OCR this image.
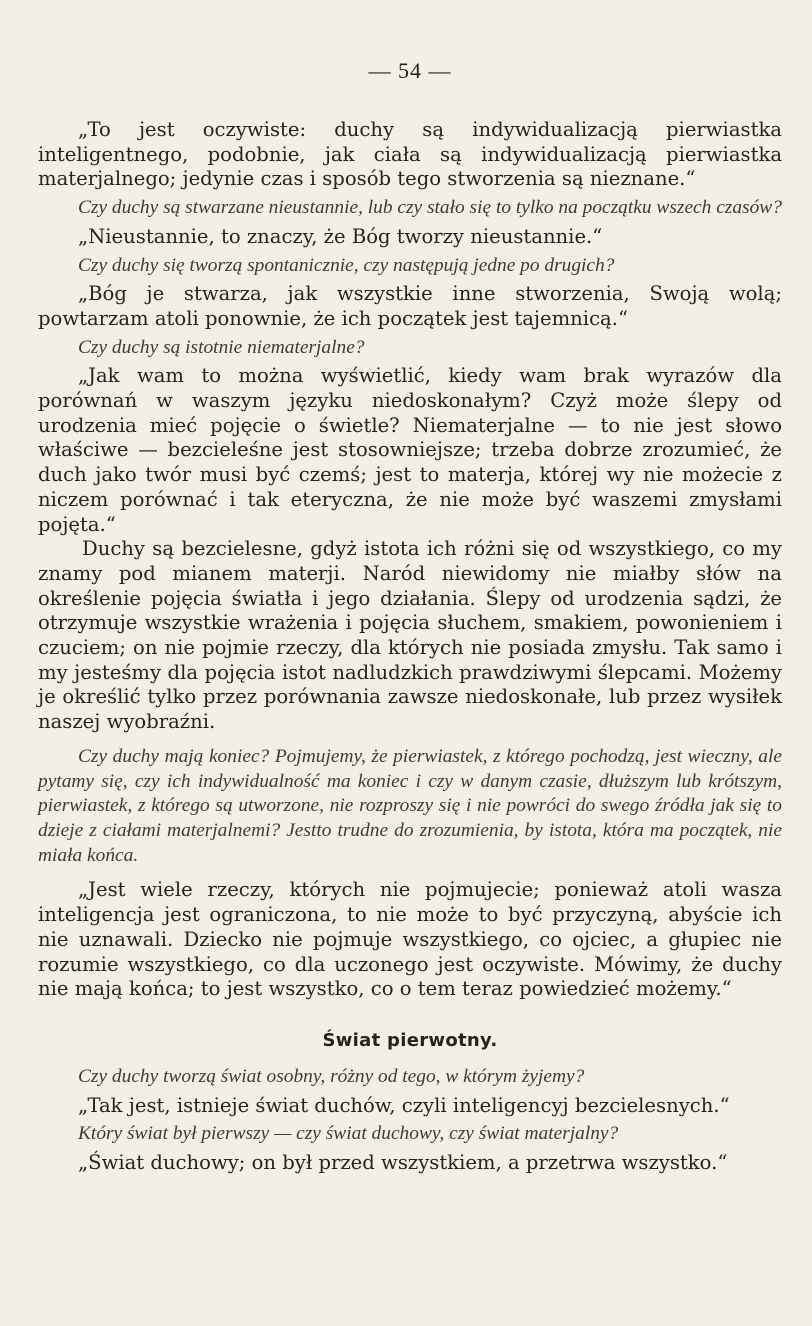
— 54 —

„To jest oczywiste: duchy są indywidualizacją pierwiastka inteligentnego, podobnie, jak ciała są indywidualizacją pierwiastka materjalnego; jedynie czas i sposób tego stworzenia są nieznane.“

Czy duchy są stwarzane nieustannie, lub czy stało się to tylko na początku wszech czasów?

„Nieustannie, to znaczy, że Bóg tworzy nieustannie.“

Czy duchy się tworzą spontanicznie, czy następują jedne po drugich?

„Bóg je stwarza, jak wszystkie inne stworzenia, Swoją wolą; powtarzam atoli ponownie, że ich początek jest tajemnicą.“

Czy duchy są istotnie niematerjalne?

„Jak wam to można wyświetlić, kiedy wam brak wyrazów dla porównań w waszym języku niedoskonałym? Czyż może ślepy od urodzenia mieć pojęcie o świetle? Niematerjalne — to nie jest słowo właściwe — bezcieleśne jest stosowniejsze; trzeba dobrze zrozumieć, że duch jako twór musi być czemś; jest to materja, której wy nie możecie z niczem porównać i tak eteryczna, że nie może być waszemi zmysłami pojęta.“

Duchy są bezcielesne, gdyż istota ich różni się od wszystkiego, co my znamy pod mianem materji. Naród niewidomy nie miałby słów na określenie pojęcia światła i jego działania. Ślepy od urodzenia sądzi, że otrzymuje wszystkie wrażenia i pojęcia słuchem, smakiem, powonieniem i czuciem; on nie pojmie rzeczy, dla których nie posiada zmysłu. Tak samo i my jesteśmy dla pojęcia istot nadludzkich prawdziwymi ślepcami. Możemy je określić tylko przez porównania zawsze niedoskonałe, lub przez wysiłek naszej wyobraźni.

Czy duchy mają koniec? Pojmujemy, że pierwiastek, z którego pochodzą, jest wieczny, ale pytamy się, czy ich indywidualność ma koniec i czy w danym czasie, dłuższym lub krótszym, pierwiastek, z którego są utworzone, nie rozproszy się i nie powróci do swego źródła jak się to dzieje z ciałami materjalnemi? Jestto trudne do zrozumienia, by istota, która ma początek, nie miała końca.

„Jest wiele rzeczy, których nie pojmujecie; ponieważ atoli wasza inteligencja jest ograniczona, to nie może to być przyczyną, abyście ich nie uznawali. Dziecko nie pojmuje wszystkiego, co ojciec, a głupiec nie rozumie wszystkiego, co dla uczonego jest oczywiste. Mówimy, że duchy nie mają końca; to jest wszystko, co o tem teraz powiedzieć możemy.“

Świat pierwotny.

Czy duchy tworzą świat osobny, różny od tego, w którym żyjemy?

„Tak jest, istnieje świat duchów, czyli inteligencyj bezcielesnych.“

Który świat był pierwszy — czy świat duchowy, czy świat materjalny?

„Świat duchowy; on był przed wszystkiem, a przetrwa wszystko.“
